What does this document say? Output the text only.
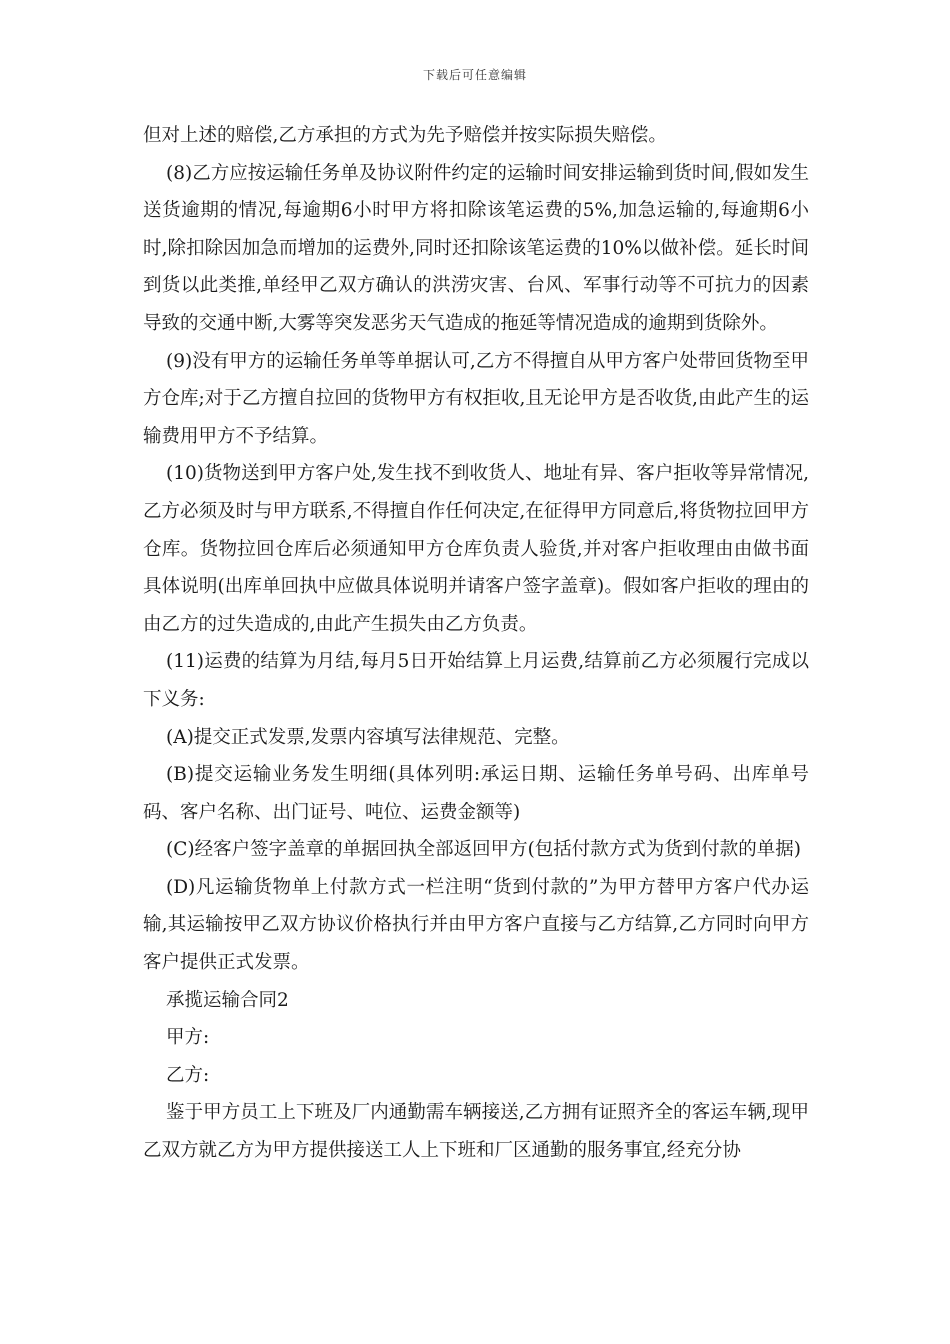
下载后可任意编辑

但对上述的赔偿,乙方承担的方式为先予赔偿并按实际损失赔偿。

(8)乙方应按运输任务单及协议附件约定的运输时间安排运输到货时间,假如发生送货逾期的情况,每逾期6小时甲方将扣除该笔运费的5%,加急运输的,每逾期6小时,除扣除因加急而增加的运费外,同时还扣除该笔运费的10%以做补偿。延长时间到货以此类推,单经甲乙双方确认的洪涝灾害、台风、军事行动等不可抗力的因素导致的交通中断,大雾等突发恶劣天气造成的拖延等情况造成的逾期到货除外。

(9)没有甲方的运输任务单等单据认可,乙方不得擅自从甲方客户处带回货物至甲方仓库;对于乙方擅自拉回的货物甲方有权拒收,且无论甲方是否收货,由此产生的运输费用甲方不予结算。

(10)货物送到甲方客户处,发生找不到收货人、地址有异、客户拒收等异常情况,乙方必须及时与甲方联系,不得擅自作任何决定,在征得甲方同意后,将货物拉回甲方仓库。货物拉回仓库后必须通知甲方仓库负责人验货,并对客户拒收理由由做书面具体说明(出库单回执中应做具体说明并请客户签字盖章)。假如客户拒收的理由的由乙方的过失造成的,由此产生损失由乙方负责。

(11)运费的结算为月结,每月5日开始结算上月运费,结算前乙方必须履行完成以下义务:

(A)提交正式发票,发票内容填写法律规范、完整。

(B)提交运输业务发生明细(具体列明:承运日期、运输任务单号码、出库单号码、客户名称、出门证号、吨位、运费金额等)

(C)经客户签字盖章的单据回执全部返回甲方(包括付款方式为货到付款的单据)

(D)凡运输货物单上付款方式一栏注明“货到付款的”为甲方替甲方客户代办运输,其运输按甲乙双方协议价格执行并由甲方客户直接与乙方结算,乙方同时向甲方客户提供正式发票。

承揽运输合同2

甲方:

乙方:

鉴于甲方员工上下班及厂内通勤需车辆接送,乙方拥有证照齐全的客运车辆,现甲乙双方就乙方为甲方提供接送工人上下班和厂区通勤的服务事宜,经充分协
